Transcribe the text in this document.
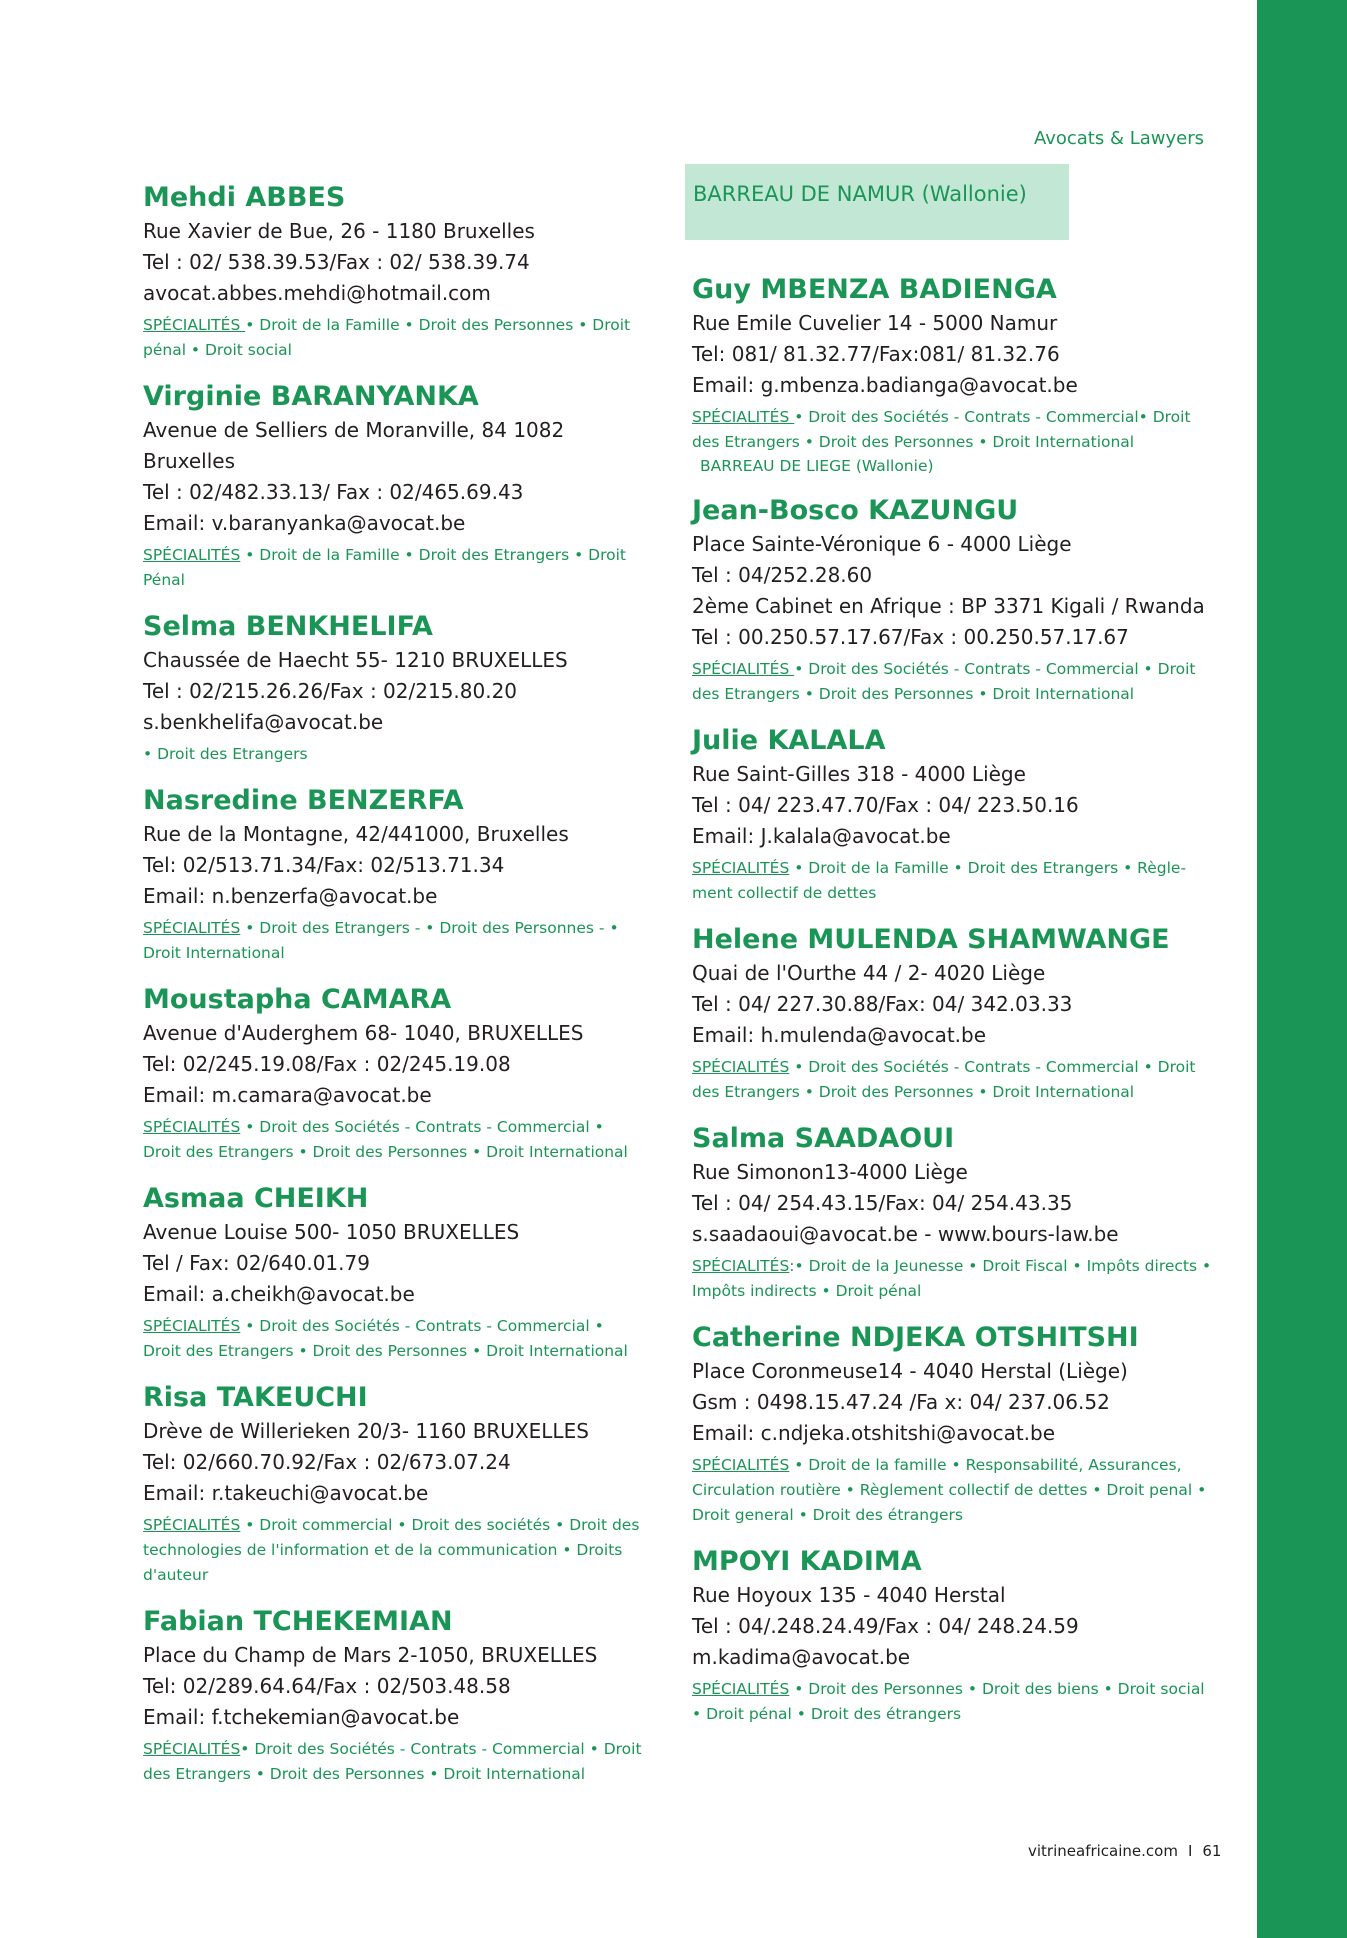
Avocats & Lawyers
Mehdi ABBES
Rue Xavier de Bue, 26 - 1180 Bruxelles
Tel : 02/ 538.39.53/Fax : 02/ 538.39.74
avocat.abbes.mehdi@hotmail.com
SPÉCIALITÉS • Droit de la Famille • Droit des Personnes • Droit pénal • Droit social
Virginie BARANYANKA
Avenue de Selliers de Moranville, 84 1082
Bruxelles
Tel : 02/482.33.13/ Fax : 02/465.69.43
Email: v.baranyanka@avocat.be
SPÉCIALITÉS • Droit de la Famille • Droit des Etrangers • Droit Pénal
Selma BENKHELIFA
Chaussée de Haecht 55- 1210 BRUXELLES
Tel : 02/215.26.26/Fax : 02/215.80.20
s.benkhelifa@avocat.be
• Droit des Etrangers
Nasredine BENZERFA
Rue de la Montagne, 42/441000, Bruxelles
Tel: 02/513.71.34/Fax: 02/513.71.34
Email: n.benzerfa@avocat.be
SPÉCIALITÉS • Droit des Etrangers - • Droit des Personnes - • Droit International
Moustapha CAMARA
Avenue d'Auderghem 68- 1040, BRUXELLES
Tel: 02/245.19.08/Fax : 02/245.19.08
Email: m.camara@avocat.be
SPÉCIALITÉS • Droit des Sociétés - Contrats - Commercial • Droit des Etrangers • Droit des Personnes • Droit International
Asmaa CHEIKH
Avenue Louise 500- 1050 BRUXELLES
Tel / Fax: 02/640.01.79
Email: a.cheikh@avocat.be
SPÉCIALITÉS • Droit des Sociétés - Contrats - Commercial • Droit des Etrangers • Droit des Personnes • Droit International
Risa TAKEUCHI
Drève de Willerieken 20/3- 1160 BRUXELLES
Tel: 02/660.70.92/Fax : 02/673.07.24
Email: r.takeuchi@avocat.be
SPÉCIALITÉS • Droit commercial • Droit des sociétés • Droit des technologies de l'information et de la communication • Droits d'auteur
Fabian TCHEKEMIAN
Place du Champ de Mars 2-1050, BRUXELLES
Tel: 02/289.64.64/Fax : 02/503.48.58
Email: f.tchekemian@avocat.be
SPÉCIALITÉS• Droit des Sociétés - Contrats - Commercial • Droit des Etrangers • Droit des Personnes • Droit International
BARREAU DE NAMUR (Wallonie)
Guy MBENZA BADIENGA
Rue Emile Cuvelier 14 - 5000 Namur
Tel: 081/ 81.32.77/Fax:081/ 81.32.76
Email: g.mbenza.badianga@avocat.be
SPÉCIALITÉS • Droit des Sociétés - Contrats - Commercial• Droit des Etrangers • Droit des Personnes • Droit International
BARREAU DE LIEGE (Wallonie)
Jean-Bosco KAZUNGU
Place Sainte-Véronique 6 - 4000 Liège
Tel : 04/252.28.60
2ème Cabinet en Afrique : BP 3371 Kigali / Rwanda
Tel : 00.250.57.17.67/Fax : 00.250.57.17.67
SPÉCIALITÉS • Droit des Sociétés - Contrats - Commercial • Droit des Etrangers • Droit des Personnes • Droit International
Julie KALALA
Rue Saint-Gilles 318 - 4000 Liège
Tel : 04/ 223.47.70/Fax : 04/ 223.50.16
Email: J.kalala@avocat.be
SPÉCIALITÉS • Droit de la Famille • Droit des Etrangers • Règle-ment collectif de dettes
Helene MULENDA SHAMWANGE
Quai de l'Ourthe 44 / 2- 4020 Liège
Tel : 04/ 227.30.88/Fax: 04/ 342.03.33
Email: h.mulenda@avocat.be
SPÉCIALITÉS • Droit des Sociétés - Contrats - Commercial • Droit des Etrangers • Droit des Personnes • Droit International
Salma SAADAOUI
Rue Simonon13-4000 Liège
Tel : 04/ 254.43.15/Fax: 04/ 254.43.35
s.saadaoui@avocat.be - www.bours-law.be
SPÉCIALITÉS:• Droit de la Jeunesse • Droit Fiscal • Impôts directs • Impôts indirects • Droit pénal
Catherine NDJEKA OTSHITSHI
Place Coronmeuse14 - 4040 Herstal (Liège)
Gsm : 0498.15.47.24 /Fa x: 04/ 237.06.52
Email: c.ndjeka.otshitshi@avocat.be
SPÉCIALITÉS • Droit de la famille • Responsabilité, Assurances, Circulation routière • Règlement collectif de dettes • Droit penal • Droit general • Droit des étrangers
MPOYI KADIMA
Rue Hoyoux 135 - 4040 Herstal
Tel : 04/.248.24.49/Fax : 04/ 248.24.59
m.kadima@avocat.be
SPÉCIALITÉS • Droit des Personnes • Droit des biens • Droit social • Droit pénal • Droit des étrangers
vitrineafricaine.com I 61
